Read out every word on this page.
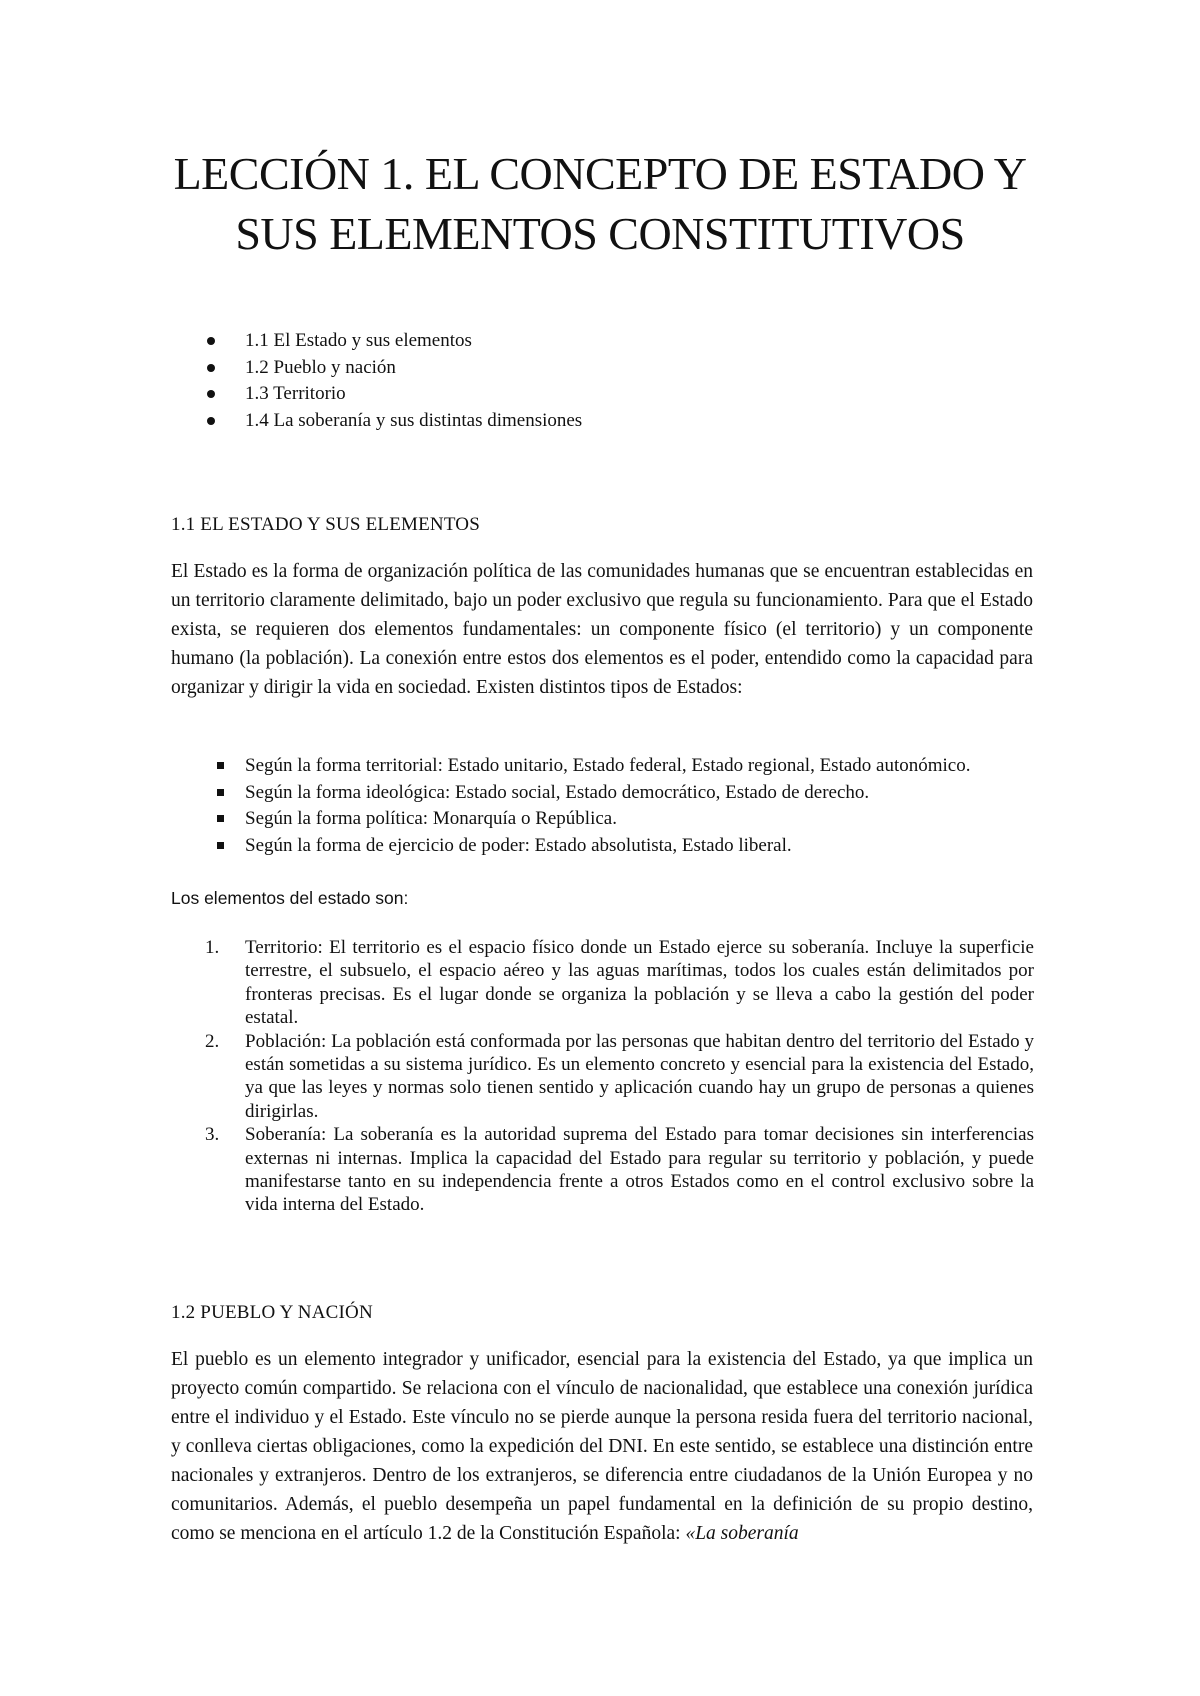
LECCIÓN 1. EL CONCEPTO DE ESTADO Y
SUS ELEMENTOS CONSTITUTIVOS
1.1 El Estado y sus elementos
1.2 Pueblo y nación
1.3 Territorio
1.4 La soberanía y sus distintas dimensiones
1.1 EL ESTADO Y SUS ELEMENTOS

El Estado es la forma de organización política de las comunidades humanas que se encuentran establecidas en un territorio claramente delimitado, bajo un poder exclusivo que regula su funcionamiento. Para que el Estado exista, se requieren dos elementos fundamentales: un componente físico (el territorio) y un componente humano (la población). La conexión entre estos dos elementos es el poder, entendido como la capacidad para organizar y dirigir la vida en sociedad. Existen distintos tipos de Estados:

Según la forma territorial: Estado unitario, Estado federal, Estado regional, Estado autonómico.
Según la forma ideológica: Estado social, Estado democrático, Estado de derecho.
Según la forma política: Monarquía o República.
Según la forma de ejercicio de poder: Estado absolutista, Estado liberal.

Los elementos del estado son:

1. Territorio: El territorio es el espacio físico donde un Estado ejerce su soberanía. Incluye la superficie terrestre, el subsuelo, el espacio aéreo y las aguas marítimas, todos los cuales están delimitados por fronteras precisas. Es el lugar donde se organiza la población y se lleva a cabo la gestión del poder estatal.
2. Población: La población está conformada por las personas que habitan dentro del territorio del Estado y están sometidas a su sistema jurídico. Es un elemento concreto y esencial para la existencia del Estado, ya que las leyes y normas solo tienen sentido y aplicación cuando hay un grupo de personas a quienes dirigirlas.
3. Soberanía: La soberanía es la autoridad suprema del Estado para tomar decisiones sin interferencias externas ni internas. Implica la capacidad del Estado para regular su territorio y población, y puede manifestarse tanto en su independencia frente a otros Estados como en el control exclusivo sobre la vida interna del Estado.
1.2 PUEBLO Y NACIÓN

El pueblo es un elemento integrador y unificador, esencial para la existencia del Estado, ya que implica un proyecto común compartido. Se relaciona con el vínculo de nacionalidad, que establece una conexión jurídica entre el individuo y el Estado. Este vínculo no se pierde aunque la persona resida fuera del territorio nacional, y conlleva ciertas obligaciones, como la expedición del DNI. En este sentido, se establece una distinción entre nacionales y extranjeros. Dentro de los extranjeros, se diferencia entre ciudadanos de la Unión Europea y no comunitarios. Además, el pueblo desempeña un papel fundamental en la definición de su propio destino, como se menciona en el artículo 1.2 de la Constitución Española: «La soberanía
